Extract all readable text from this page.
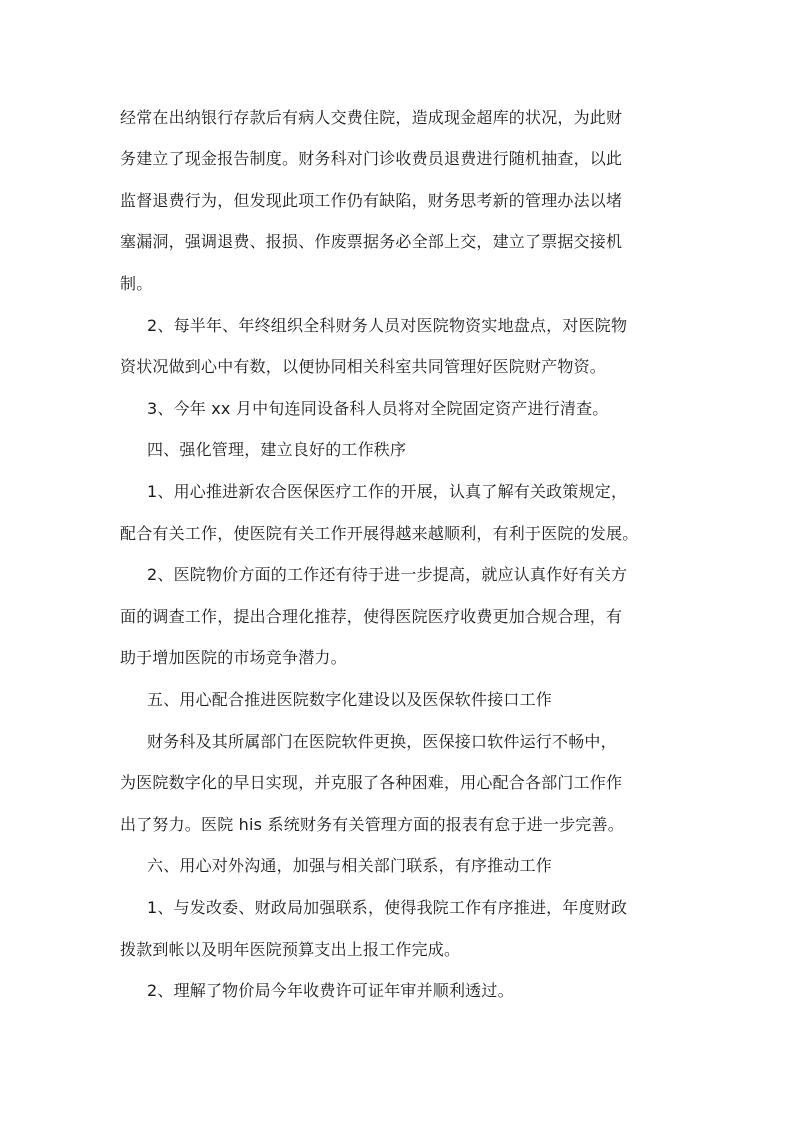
经常在出纳银行存款后有病人交费住院，造成现金超库的状况，为此财
务建立了现金报告制度。财务科对门诊收费员退费进行随机抽查，以此
监督退费行为，但发现此项工作仍有缺陷，财务思考新的管理办法以堵
塞漏洞，强调退费、报损、作废票据务必全部上交，建立了票据交接机
制。
2、每半年、年终组织全科财务人员对医院物资实地盘点，对医院物
资状况做到心中有数，以便协同相关科室共同管理好医院财产物资。
3、今年 xx 月中旬连同设备科人员将对全院固定资产进行清查。
四、强化管理，建立良好的工作秩序
1、用心推进新农合医保医疗工作的开展，认真了解有关政策规定，
配合有关工作，使医院有关工作开展得越来越顺利，有利于医院的发展。
2、医院物价方面的工作还有待于进一步提高，就应认真作好有关方
面的调查工作，提出合理化推荐，使得医院医疗收费更加合规合理，有
助于增加医院的市场竞争潜力。
五、用心配合推进医院数字化建设以及医保软件接口工作
财务科及其所属部门在医院软件更换，医保接口软件运行不畅中，
为医院数字化的早日实现，并克服了各种困难，用心配合各部门工作作
出了努力。医院 his 系统财务有关管理方面的报表有怠于进一步完善。
六、用心对外沟通，加强与相关部门联系，有序推动工作
1、与发改委、财政局加强联系，使得我院工作有序推进，年度财政
拨款到帐以及明年医院预算支出上报工作完成。
2、理解了物价局今年收费许可证年审并顺利透过。
